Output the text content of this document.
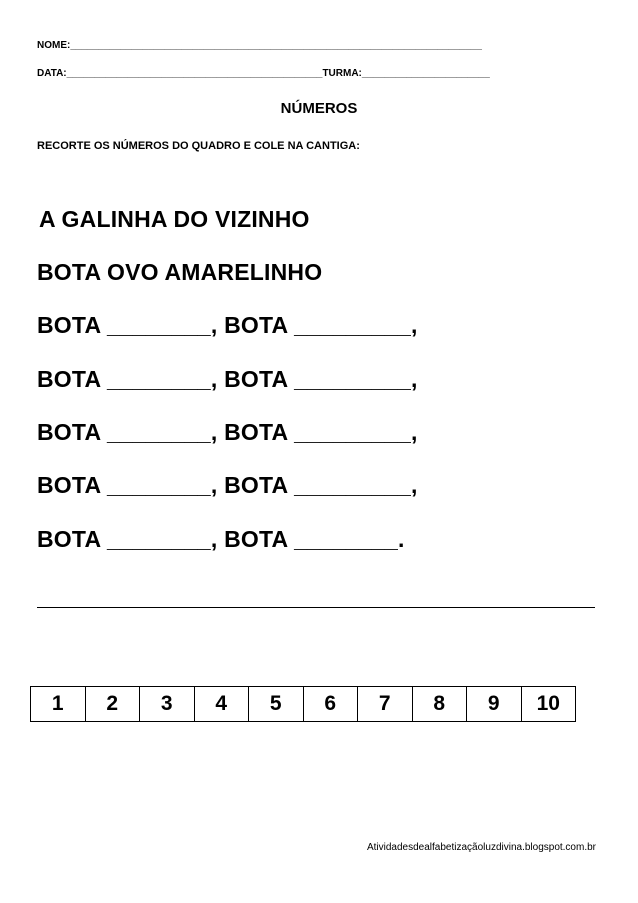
NOME:__________________________________________________________________________
DATA:______________________________________________TURMA:_______________________
NÚMEROS
RECORTE OS NÚMEROS DO QUADRO E COLE NA CANTIGA:
A GALINHA DO VIZINHO
BOTA OVO AMARELINHO
BOTA ________, BOTA _________,
BOTA ________, BOTA _________,
BOTA ________, BOTA _________,
BOTA ________, BOTA _________,
BOTA ________, BOTA ________.
1	2	3	4	5	6	7	8	9	10
Atividadesdealfabetizaçãoluzdivina.blogspot.com.br
